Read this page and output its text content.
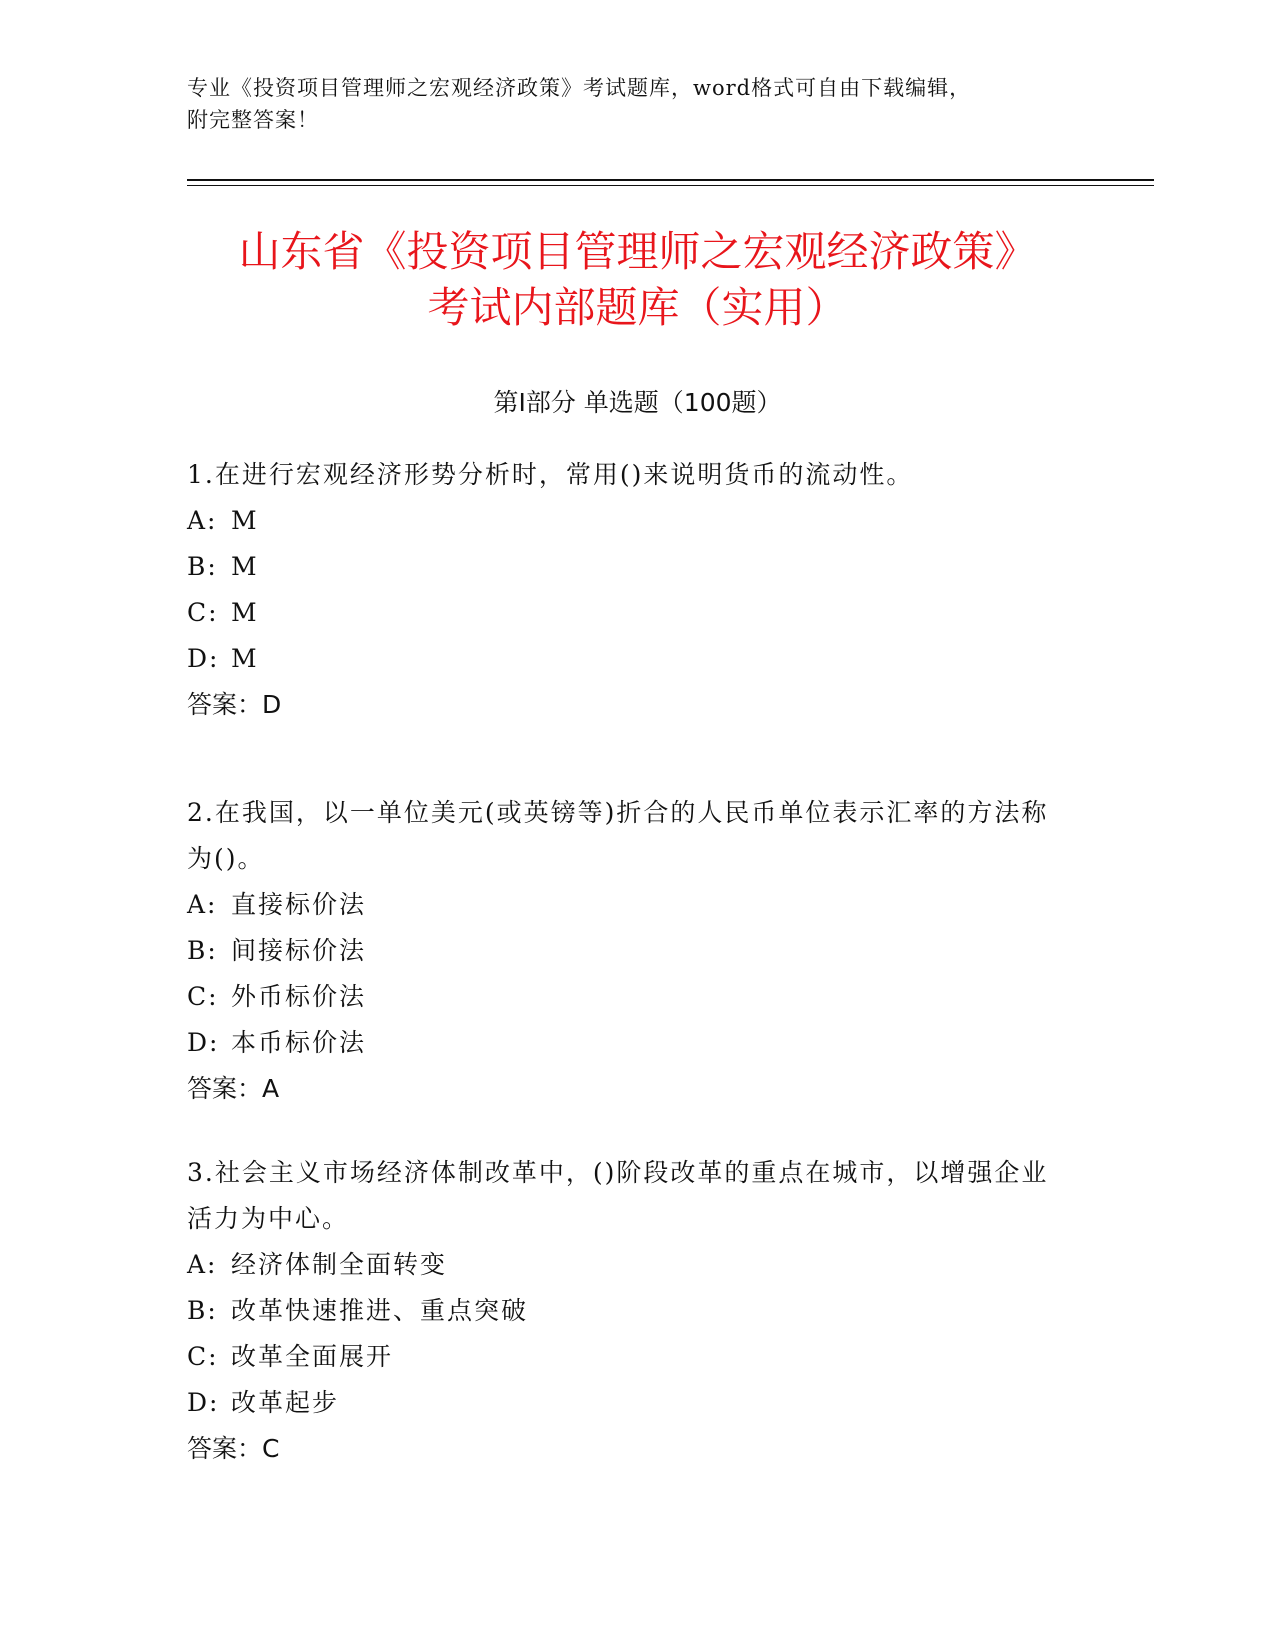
专业《投资项目管理师之宏观经济政策》考试题库，word格式可自由下载编辑，
附完整答案！
山东省《投资项目管理师之宏观经济政策》
考试内部题库（实用）
第Ⅰ部分 单选题（100题）
1.在进行宏观经济形势分析时，常用()来说明货币的流动性。
A: M
B: M
C: M
D: M
答案：D
2.在我国，以一单位美元(或英镑等)折合的人民币单位表示汇率的方法称为()。
A: 直接标价法
B: 间接标价法
C: 外币标价法
D: 本币标价法
答案：A
3.社会主义市场经济体制改革中，()阶段改革的重点在城市，以增强企业活力为中心。
A: 经济体制全面转变
B: 改革快速推进、重点突破
C: 改革全面展开
D: 改革起步
答案：C
